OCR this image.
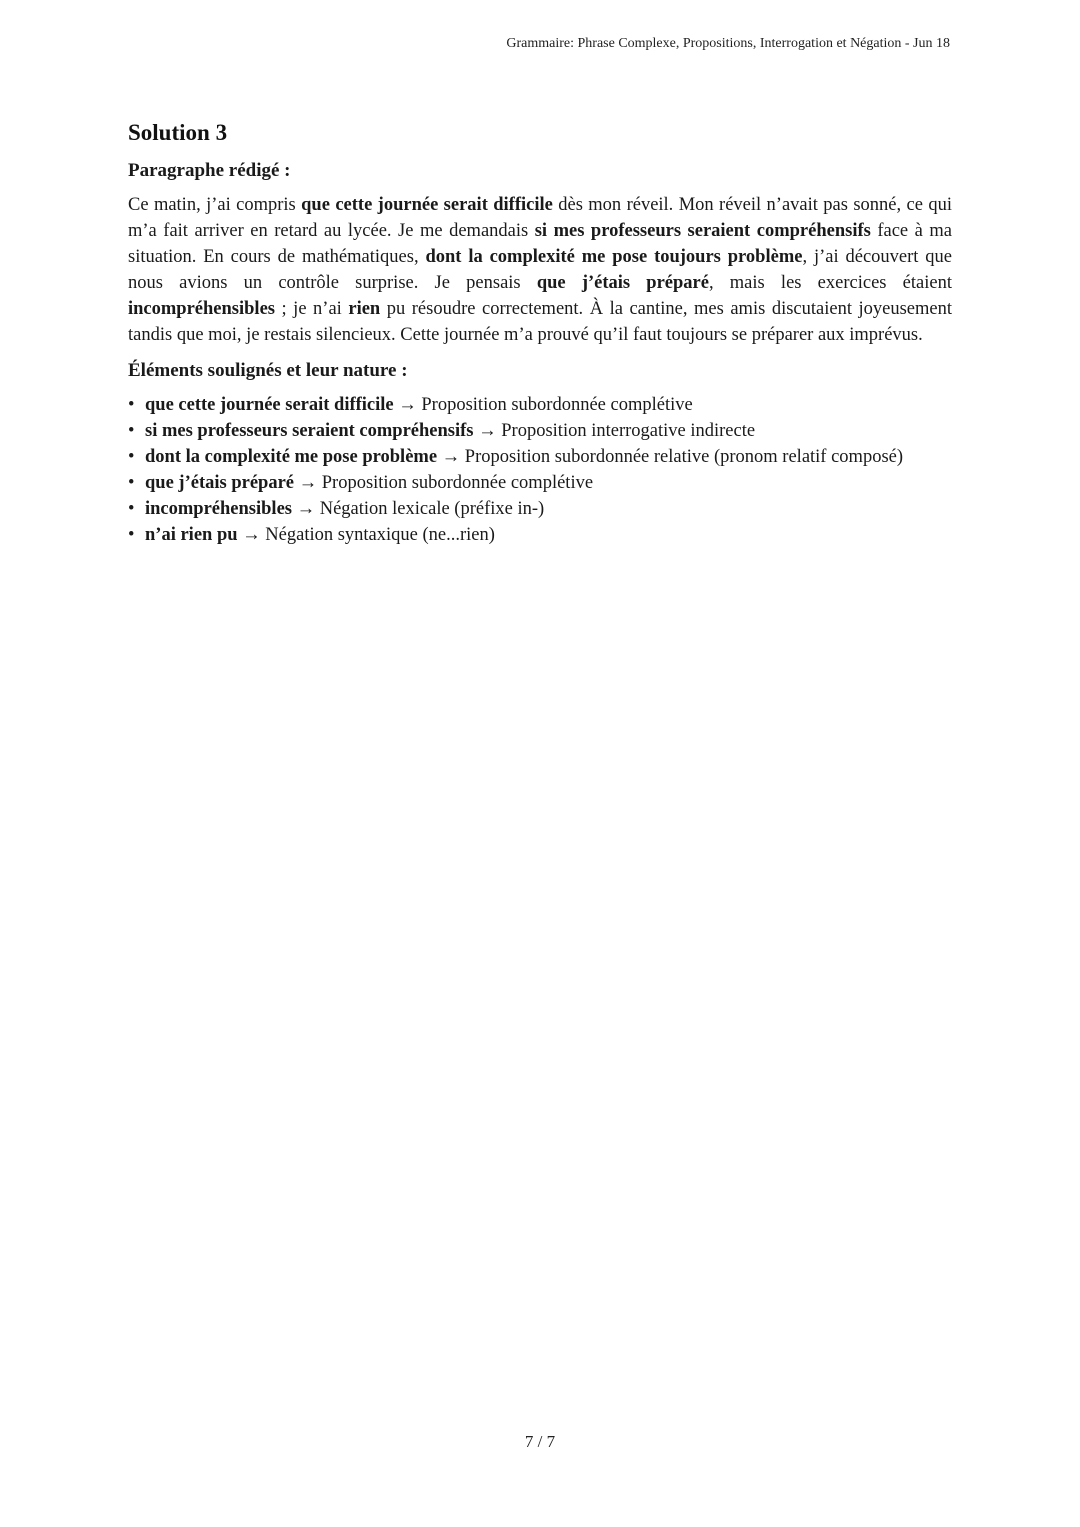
Grammaire: Phrase Complexe, Propositions, Interrogation et Négation - Jun 18
Solution 3
Paragraphe rédigé :

Ce matin, j’ai compris que cette journée serait difficile dès mon réveil. Mon réveil n’avait pas sonné, ce qui m’a fait arriver en retard au lycée. Je me demandais si mes professeurs seraient compréhensifs face à ma situation. En cours de mathématiques, dont la complexité me pose toujours problème, j’ai découvert que nous avions un contrôle surprise. Je pensais que j’étais préparé, mais les exercices étaient incompréhensibles ; je n’ai rien pu résoudre correctement. À la cantine, mes amis discutaient joyeusement tandis que moi, je restais silencieux. Cette journée m’a prouvé qu’il faut toujours se préparer aux imprévus.

Éléments soulignés et leur nature :
• que cette journée serait difficile → Proposition subordonnée complétive
• si mes professeurs seraient compréhensifs → Proposition interrogative indirecte
• dont la complexité me pose problème → Proposition subordonnée relative (pronom relatif composé)
• que j’étais préparé → Proposition subordonnée complétive
• incompréhensibles → Négation lexicale (préfixe in-)
• n’ai rien pu → Négation syntaxique (ne...rien)
7 / 7
